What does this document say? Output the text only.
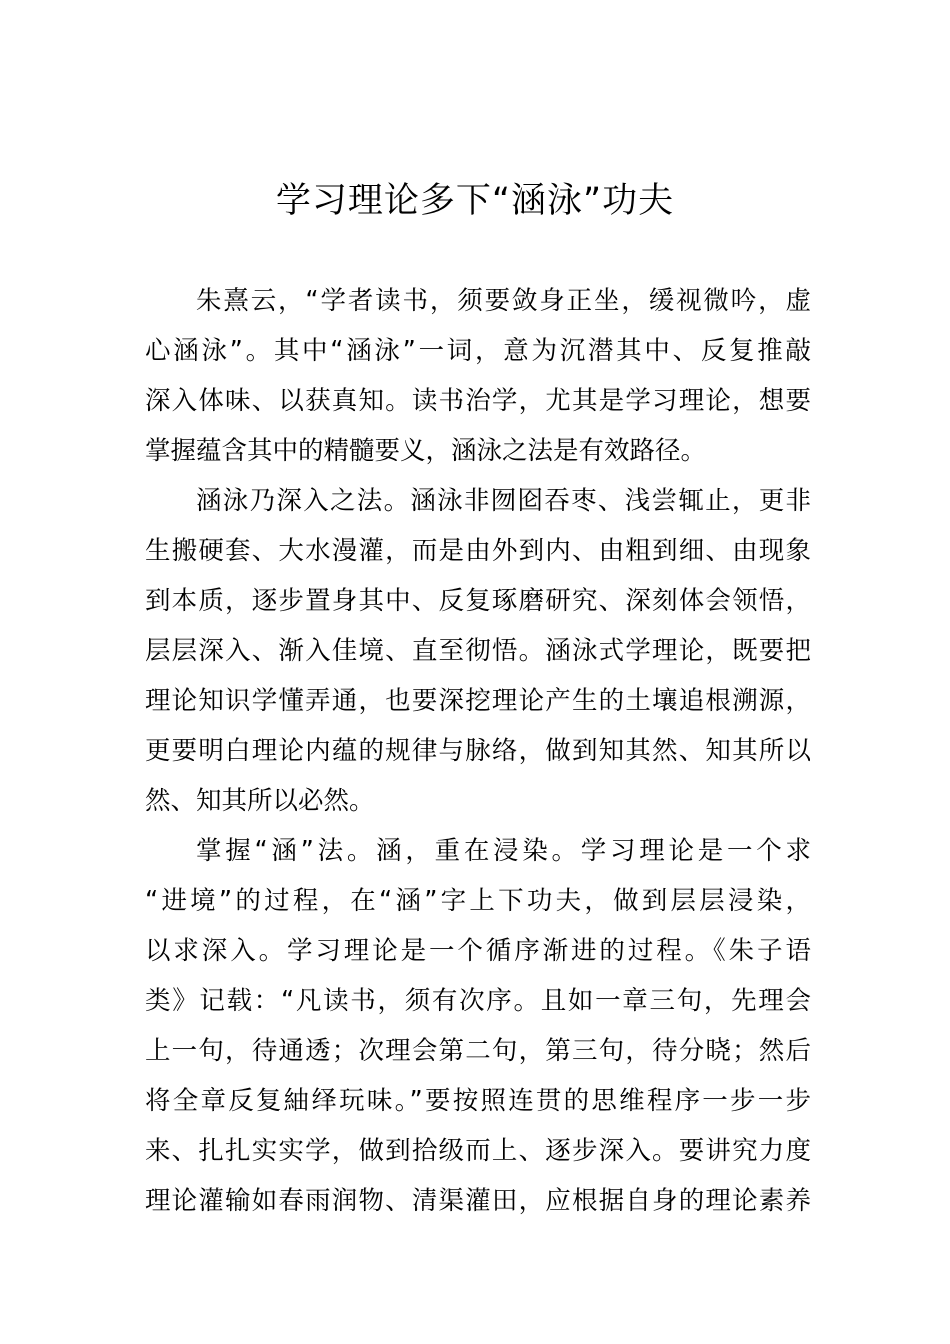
学习理论多下“涵泳”功夫
朱熹云，“学者读书，须要敛身正坐，缓视微吟，虚
心涵泳”。其中“涵泳”一词，意为沉潜其中、反复推敲
深入体味、以获真知。读书治学，尤其是学习理论，想要
掌握蕴含其中的精髓要义，涵泳之法是有效路径。
涵泳乃深入之法。涵泳非囫囵吞枣、浅尝辄止，更非
生搬硬套、大水漫灌，而是由外到内、由粗到细、由现象
到本质，逐步置身其中、反复琢磨研究、深刻体会领悟，
层层深入、渐入佳境、直至彻悟。涵泳式学理论，既要把
理论知识学懂弄通，也要深挖理论产生的土壤追根溯源，
更要明白理论内蕴的规律与脉络，做到知其然、知其所以
然、知其所以必然。
掌握“涵”法。涵，重在浸染。学习理论是一个求
“进境”的过程，在“涵”字上下功夫，做到层层浸染，
以求深入。学习理论是一个循序渐进的过程。《朱子语
类》记载：“凡读书，须有次序。且如一章三句，先理会
上一句，待通透；次理会第二句，第三句，待分晓；然后
将全章反复紬绎玩味。”要按照连贯的思维程序一步一步
来、扎扎实实学，做到拾级而上、逐步深入。要讲究力度
理论灌输如春雨润物、清渠灌田，应根据自身的理论素养
